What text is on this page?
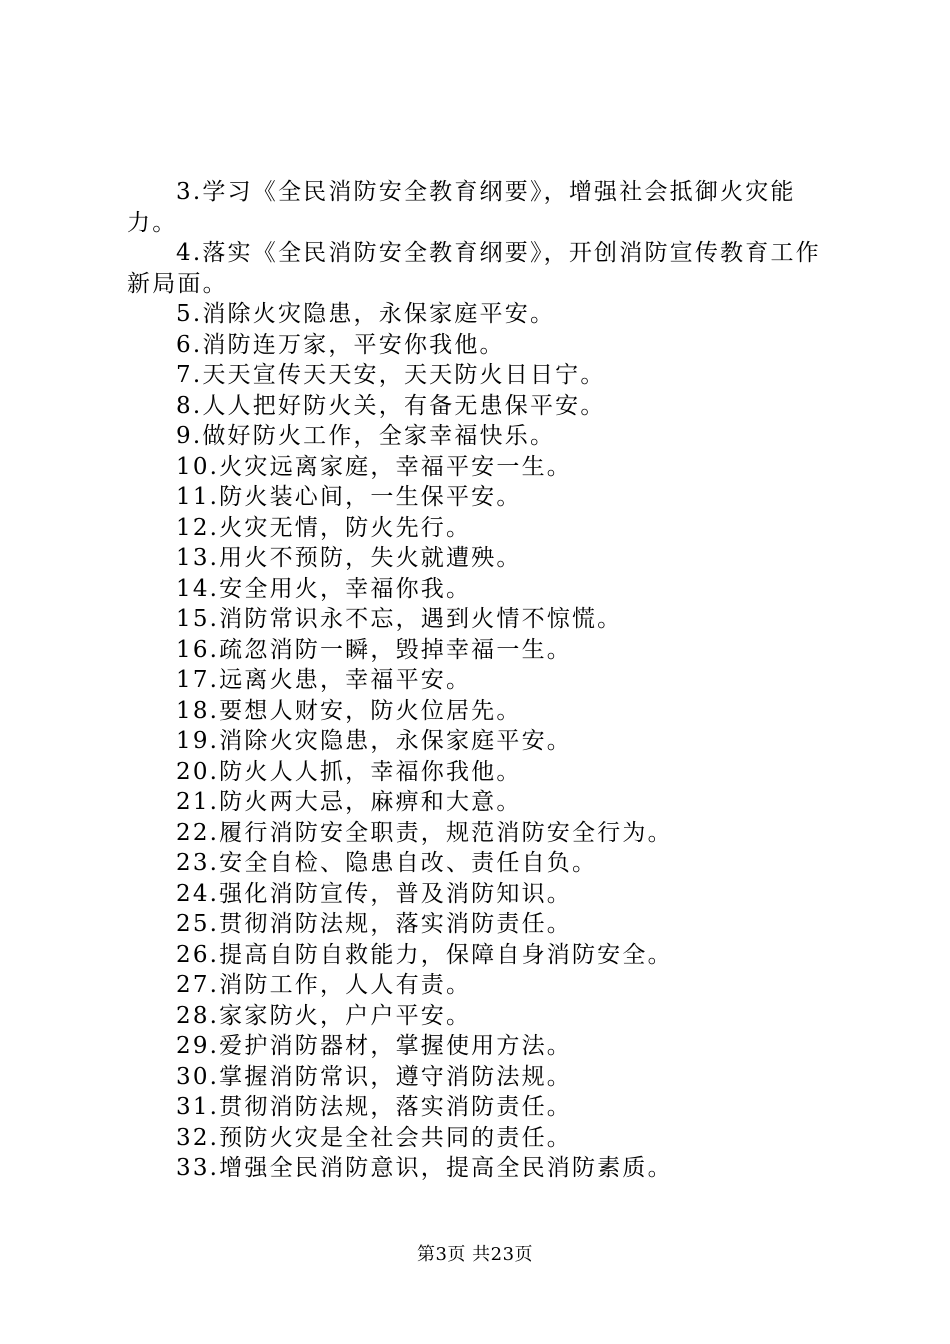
3.学习《全民消防安全教育纲要》，增强社会抵御火灾能力。

4.落实《全民消防安全教育纲要》，开创消防宣传教育工作新局面。

5.消除火灾隐患，永保家庭平安。

6.消防连万家，平安你我他。

7.天天宣传天天安，天天防火日日宁。

8.人人把好防火关，有备无患保平安。

9.做好防火工作，全家幸福快乐。

10.火灾远离家庭，幸福平安一生。

11.防火装心间，一生保平安。

12.火灾无情，防火先行。

13.用火不预防，失火就遭殃。

14.安全用火，幸福你我。

15.消防常识永不忘，遇到火情不惊慌。

16.疏忽消防一瞬，毁掉幸福一生。

17.远离火患，幸福平安。

18.要想人财安，防火位居先。

19.消除火灾隐患，永保家庭平安。

20.防火人人抓，幸福你我他。

21.防火两大忌，麻痹和大意。

22.履行消防安全职责，规范消防安全行为。

23.安全自检、隐患自改、责任自负。

24.强化消防宣传，普及消防知识。

25.贯彻消防法规，落实消防责任。

26.提高自防自救能力，保障自身消防安全。

27.消防工作，人人有责。

28.家家防火，户户平安。

29.爱护消防器材，掌握使用方法。

30.掌握消防常识，遵守消防法规。

31.贯彻消防法规，落实消防责任。

32.预防火灾是全社会共同的责任。

33.增强全民消防意识，提高全民消防素质。

第3页 共23页
